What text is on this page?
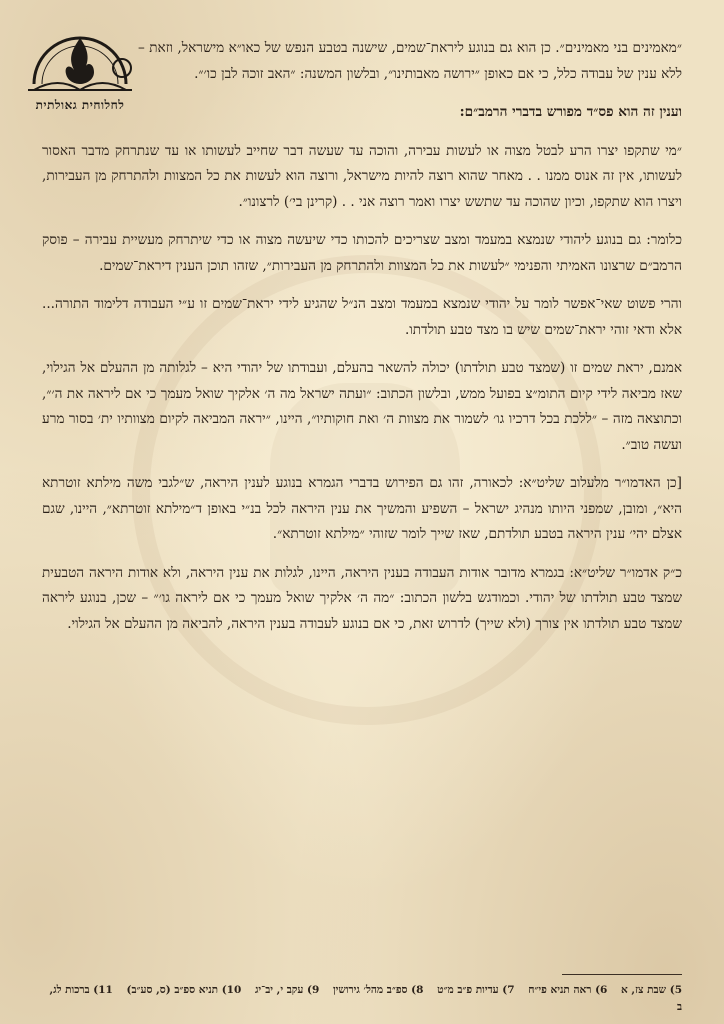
לחלוחית גאולתית

״מאמינים בני מאמינים״. כן הוא גם בנוגע ליראת־שמים, שישנה בטבע הנפש של כאו״א מישראל, וזאת – ללא ענין של עבודה כלל, כי אם כאופן ״ירושה מאבותינו״, ובלשון המשנה: ״האב זוכה לבן כו׳״.

וענין זה הוא פס״ד מפורש בדברי הרמב״ם:

״מי שתקפו יצרו הרע לבטל מצוה או לעשות עבירה, והוכה עד שעשה דבר שחייב לעשותו או עד שנתרחק מדבר האסור לעשותו, אין זה אנוס ממנו . . מאחר שהוא רוצה להיות מישראל, ורוצה הוא לעשות את כל המצוות ולהתרחק מן העבירות, ויצרו הוא שתקפו, וכיון שהוכה עד שתשש יצרו ואמר רוצה אני . . (קרינן בי׳) לרצונו״.

כלומר: גם בנוגע ליהודי שנמצא במעמד ומצב שצריכים להכותו כדי שיעשה מצוה או כדי שיתרחק מעשיית עבירה – פוסק הרמב״ם שרצונו האמיתי והפנימי ״לעשות את כל המצוות ולהתרחק מן העבירות״, שזהו תוכן הענין דיראת־שמים.

והרי פשוט שאי־אפשר לומר על יהודי שנמצא במעמד ומצב הנ״ל שהגיע לידי יראת־שמים זו ע״י העבודה דלימוד התורה... אלא ודאי זוהי יראת־שמים שיש בו מצד טבע תולדתו.

אמנם, יראת שמים זו (שמצד טבע תולדתו) יכולה להשאר בהעלם, ועבודתו של יהודי היא – לגלותה מן ההעלם אל הגילוי, שאז מביאה לידי קיום התומ״צ בפועל ממש, ובלשון הכתוב: ״ועתה ישראל מה ה׳ אלקיך שואל מעמך כי אם ליראה את ה׳״, וכתוצאה מזה – ״ללכת בכל דרכיו גו׳ לשמור את מצוות ה׳ ואת חוקותיו״, היינו, ״יראה המביאה לקיום מצוותיו ית׳ בסור מרע ועשה טוב״.

[כן האדמו״ר מלעלוב שליט״א: לכאורה, זהו גם הפירוש בדברי הגמרא בנוגע לענין היראה, ש״לגבי משה מילתא זוטרתא היא״, ומובן, שמפני היותו מנהיג ישראל – השפיע והמשיך את ענין היראה לכל בנ״י באופן ד״מילתא זוטרתא״, היינו, שגם אצלם יהי׳ ענין היראה בטבע תולדתם, שאז שייך לומר שזוהי ״מילתא זוטרתא״.

כ״ק אדמו״ר שליט״א: בגמרא מדובר אודות העבודה בענין היראה, היינו, לגלות את ענין היראה, ולא אודות היראה הטבעית שמצד טבע תולדתו של יהודי. וכמודגש בלשון הכתוב: ״מה ה׳ אלקיך שואל מעמך כי אם ליראה גו׳״ – שכן, בנוגע ליראה שמצד טבע תולדתו אין צורך (ולא שייך) לדרוש זאת, כי אם בנוגע לעבודה בענין היראה, להביאה מן ההעלם אל הגילוי.

5) שבת צז, א 6) ראה תניא פי״ח 7) עדיות פ״ב מ״ט 8) ספ״ב מהל׳ גירושין 9) עקב י, יב־יג 10) תניא ספ״ב (ס, סע״ב) 11) ברכות לג, ב
